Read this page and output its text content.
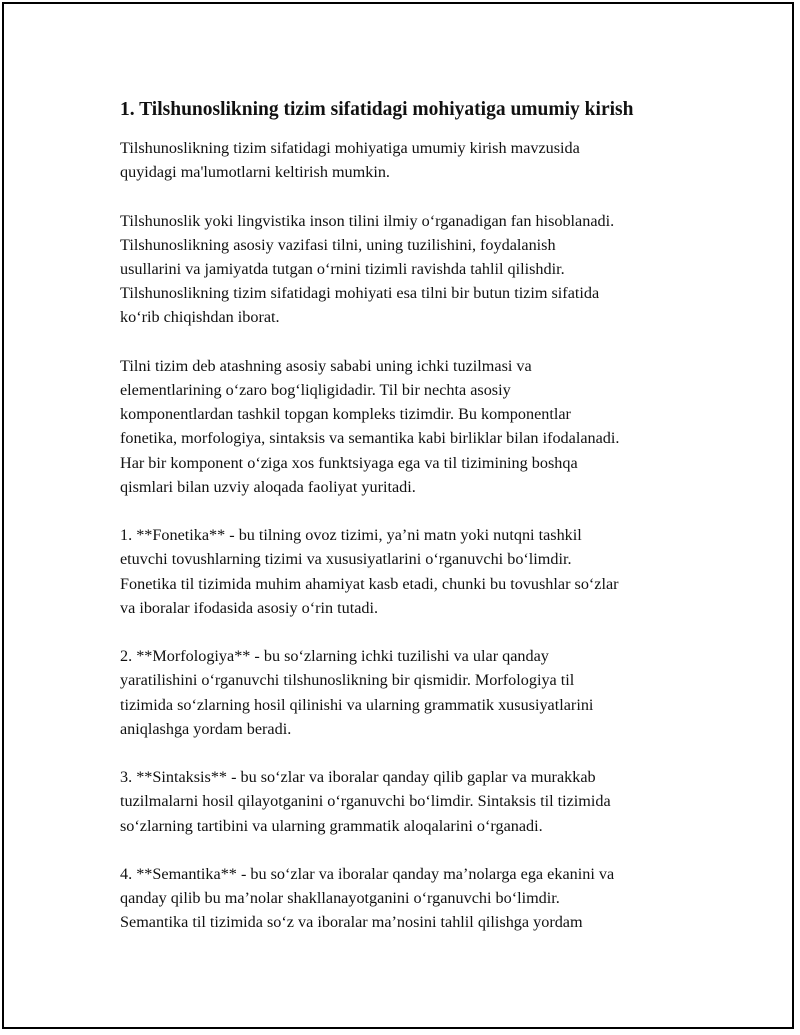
1. Tilshunoslikning tizim sifatidagi mohiyatiga umumiy kirish

Tilshunoslikning tizim sifatidagi mohiyatiga umumiy kirish mavzusida
quyidagi ma'lumotlarni keltirish mumkin.

Tilshunoslik yoki lingvistika inson tilini ilmiy o‘rganadigan fan hisoblanadi.
Tilshunoslikning asosiy vazifasi tilni, uning tuzilishini, foydalanish
usullarini va jamiyatda tutgan o‘rnini tizimli ravishda tahlil qilishdir.
Tilshunoslikning tizim sifatidagi mohiyati esa tilni bir butun tizim sifatida
ko‘rib chiqishdan iborat.

Tilni tizim deb atashning asosiy sababi uning ichki tuzilmasi va
elementlarining o‘zaro bog‘liqligidadir. Til bir nechta asosiy
komponentlardan tashkil topgan kompleks tizimdir. Bu komponentlar
fonetika, morfologiya, sintaksis va semantika kabi birliklar bilan ifodalanadi.
Har bir komponent o‘ziga xos funktsiyaga ega va til tizimining boshqa
qismlari bilan uzviy aloqada faoliyat yuritadi.

1. **Fonetika** - bu tilning ovoz tizimi, ya’ni matn yoki nutqni tashkil
etuvchi tovushlarning tizimi va xususiyatlarini o‘rganuvchi bo‘limdir.
Fonetika til tizimida muhim ahamiyat kasb etadi, chunki bu tovushlar so‘zlar
va iboralar ifodasida asosiy o‘rin tutadi.

2. **Morfologiya** - bu so‘zlarning ichki tuzilishi va ular qanday
yaratilishini o‘rganuvchi tilshunoslikning bir qismidir. Morfologiya til
tizimida so‘zlarning hosil qilinishi va ularning grammatik xususiyatlarini
aniqlashga yordam beradi.

3. **Sintaksis** - bu so‘zlar va iboralar qanday qilib gaplar va murakkab
tuzilmalarni hosil qilayotganini o‘rganuvchi bo‘limdir. Sintaksis til tizimida
so‘zlarning tartibini va ularning grammatik aloqalarini o‘rganadi.

4. **Semantika** - bu so‘zlar va iboralar qanday ma’nolarga ega ekanini va
qanday qilib bu ma’nolar shakllanayotganini o‘rganuvchi bo‘limdir.
Semantika til tizimida so‘z va iboralar ma’nosini tahlil qilishga yordam
